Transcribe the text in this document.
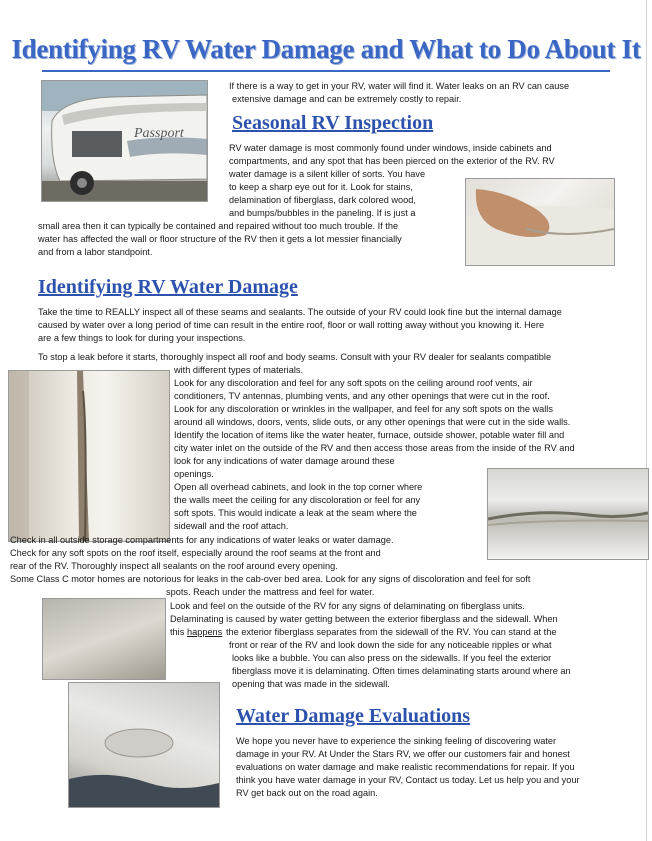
Identifying RV Water Damage and What to Do About It
Passport
If there is a way to get in your RV, water will find it. Water leaks on an RV can cause
extensive damage and can be extremely costly to repair.
Seasonal RV Inspection
RV water damage is most commonly found under windows, inside cabinets and
compartments, and any spot that has been pierced on the exterior of the RV. RV
water damage is a silent killer of sorts. You have
to keep a sharp eye out for it. Look for stains,
delamination of fiberglass, dark colored wood,
and bumps/bubbles in the paneling. If is just a
small area then it can typically be contained and repaired without too much trouble. If the
water has affected the wall or floor structure of the RV then it gets a lot messier financially
and from a labor standpoint.
Identifying RV Water Damage
Take the time to REALLY inspect all of these seams and sealants. The outside of your RV could look fine but the internal damage
caused by water over a long period of time can result in the entire roof, floor or wall rotting away without you knowing it. Here
are a few things to look for during your inspections.
To stop a leak before it starts, thoroughly inspect all roof and body seams. Consult with your RV dealer for sealants compatible
with different types of materials.
Look for any discoloration and feel for any soft spots on the ceiling around roof vents, air
conditioners, TV antennas, plumbing vents, and any other openings that were cut in the roof.
Look for any discoloration or wrinkles in the wallpaper, and feel for any soft spots on the walls
around all windows, doors, vents, slide outs, or any other openings that were cut in the side walls.
Identify the location of items like the water heater, furnace, outside shower, potable water fill and
city water inlet on the outside of the RV and then access those areas from the inside of the RV and
look for any indications of water damage around these
openings.
Open all overhead cabinets, and look in the top corner where
the walls meet the ceiling for any discoloration or feel for any
soft spots. This would indicate a leak at the seam where the
sidewall and the roof attach.
Check in all outside storage compartments for any indications of water leaks or water damage.
Check for any soft spots on the roof itself, especially around the roof seams at the front and
rear of the RV. Thoroughly inspect all sealants on the roof around every opening.
Some Class C motor homes are notorious for leaks in the cab-over bed area. Look for any signs of discoloration and feel for soft
spots. Reach under the mattress and feel for water.
Look and feel on the outside of the RV for any signs of delaminating on fiberglass units.
Delaminating is caused by water getting between the exterior fiberglass and the sidewall. When
this happens the exterior fiberglass separates from the sidewall of the RV. You can stand at the
front or rear of the RV and look down the side for any noticeable ripples or what
looks like a bubble. You can also press on the sidewalls. If you feel the exterior
fiberglass move it is delaminating. Often times delaminating starts around where an
opening that was made in the sidewall.
Water Damage Evaluations
We hope you never have to experience the sinking feeling of discovering water
damage in your RV. At Under the Stars RV, we offer our customers fair and honest
evaluations on water damage and make realistic recommendations for repair. If you
think you have water damage in your RV, Contact us today. Let us help you and your
RV get back out on the road again.
